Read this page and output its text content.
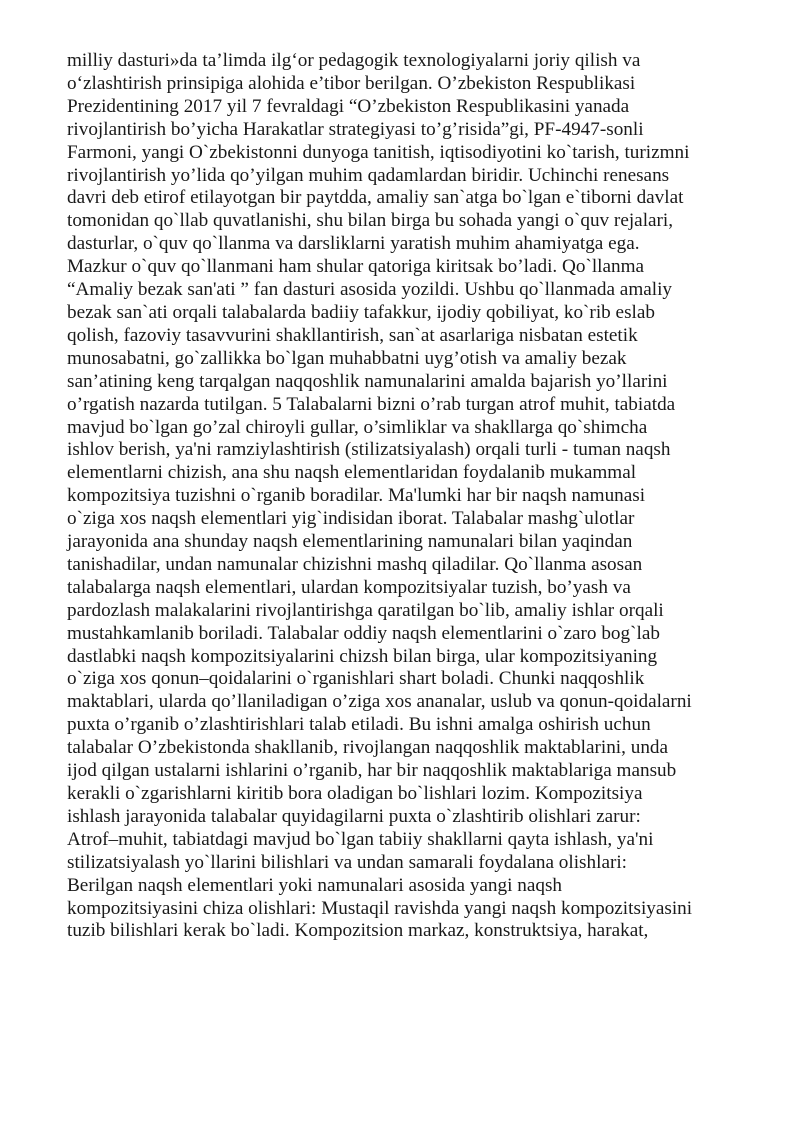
milliy dasturi»da ta’limda ilg‘or pedagogik texnologiyalarni joriy qilish va
o‘zlashtirish prinsipiga alohida e’tibor berilgan. O’zbekiston Respublikasi
Prezidentining 2017 yil 7 fevraldagi “O’zbekiston Respublikasini yanada
rivojlantirish bo’yicha Harakatlar strategiyasi to’g’risida”gi, PF-4947-sonli
Farmoni, yangi O`zbekistonni dunyoga tanitish, iqtisodiyotini ko`tarish, turizmni
rivojlantirish yo’lida qo’yilgan muhim qadamlardan biridir. Uchinchi renesans
davri deb etirof etilayotgan bir paytdda, amaliy san`atga bo`lgan e`tiborni davlat
tomonidan qo`llab quvatlanishi, shu bilan birga bu sohada yangi o`quv rejalari,
dasturlar, o`quv qo`llanma va darsliklarni yaratish muhim ahamiyatga ega.
Mazkur o`quv qo`llanmani ham shular qatoriga kiritsak bo’ladi. Qo`llanma
“Amaliy bezak san'ati ” fan dasturi asosida yozildi. Ushbu qo`llanmada amaliy
bezak san`ati orqali talabalarda badiiy tafakkur, ijodiy qobiliyat, ko`rib eslab
qolish, fazoviy tasavvurini shakllantirish, san`at asarlariga nisbatan estetik
munosabatni, go`zallikka bo`lgan muhabbatni uyg’otish va amaliy bezak
san’atining keng tarqalgan naqqoshlik namunalarini amalda bajarish yo’llarini
o’rgatish nazarda tutilgan. 5 Talabalarni bizni o’rab turgan atrof muhit, tabiatda
mavjud bo`lgan go’zal chiroyli gullar, o’simliklar va shakllarga qo`shimcha
ishlov berish, ya'ni ramziylashtirish (stilizatsiyalash) orqali turli - tuman naqsh
elementlarni chizish, ana shu naqsh elementlaridan foydalanib mukammal
kompozitsiya tuzishni o`rganib boradilar. Ma'lumki har bir naqsh namunasi
o`ziga xos naqsh elementlari yig`indisidan iborat. Talabalar mashg`ulotlar
jarayonida ana shunday naqsh elementlarining namunalari bilan yaqindan
tanishadilar, undan namunalar chizishni mashq qiladilar. Qo`llanma asosan
talabalarga naqsh elementlari, ulardan kompozitsiyalar tuzish, bo’yash va
pardozlash malakalarini rivojlantirishga qaratilgan bo`lib, amaliy ishlar orqali
mustahkamlanib boriladi. Talabalar oddiy naqsh elementlarini o`zaro bog`lab
dastlabki naqsh kompozitsiyalarini chizsh bilan birga, ular kompozitsiyaning
o`ziga xos qonun–qoidalarini o`rganishlari shart boladi. Chunki naqqoshlik
maktablari, ularda qo’llaniladigan o’ziga xos ananalar, uslub va qonun-qoidalarni
puxta o’rganib o’zlashtirishlari talab etiladi. Bu ishni amalga oshirish uchun
talabalar O’zbekistonda shakllanib, rivojlangan naqqoshlik maktablarini, unda
ijod qilgan ustalarni ishlarini o’rganib, har bir naqqoshlik maktablariga mansub
kerakli o`zgarishlarni kiritib bora oladigan bo`lishlari lozim. Kompozitsiya
ishlash jarayonida talabalar quyidagilarni puxta o`zlashtirib olishlari zarur:
Atrof–muhit, tabiatdagi mavjud bo`lgan tabiiy shakllarni qayta ishlash, ya'ni
stilizatsiyalash yo`llarini bilishlari va undan samarali foydalana olishlari:
Berilgan naqsh elementlari yoki namunalari asosida yangi naqsh
kompozitsiyasini chiza olishlari: Mustaqil ravishda yangi naqsh kompozitsiyasini
tuzib bilishlari kerak bo`ladi. Kompozitsion markaz, konstruktsiya, harakat,
